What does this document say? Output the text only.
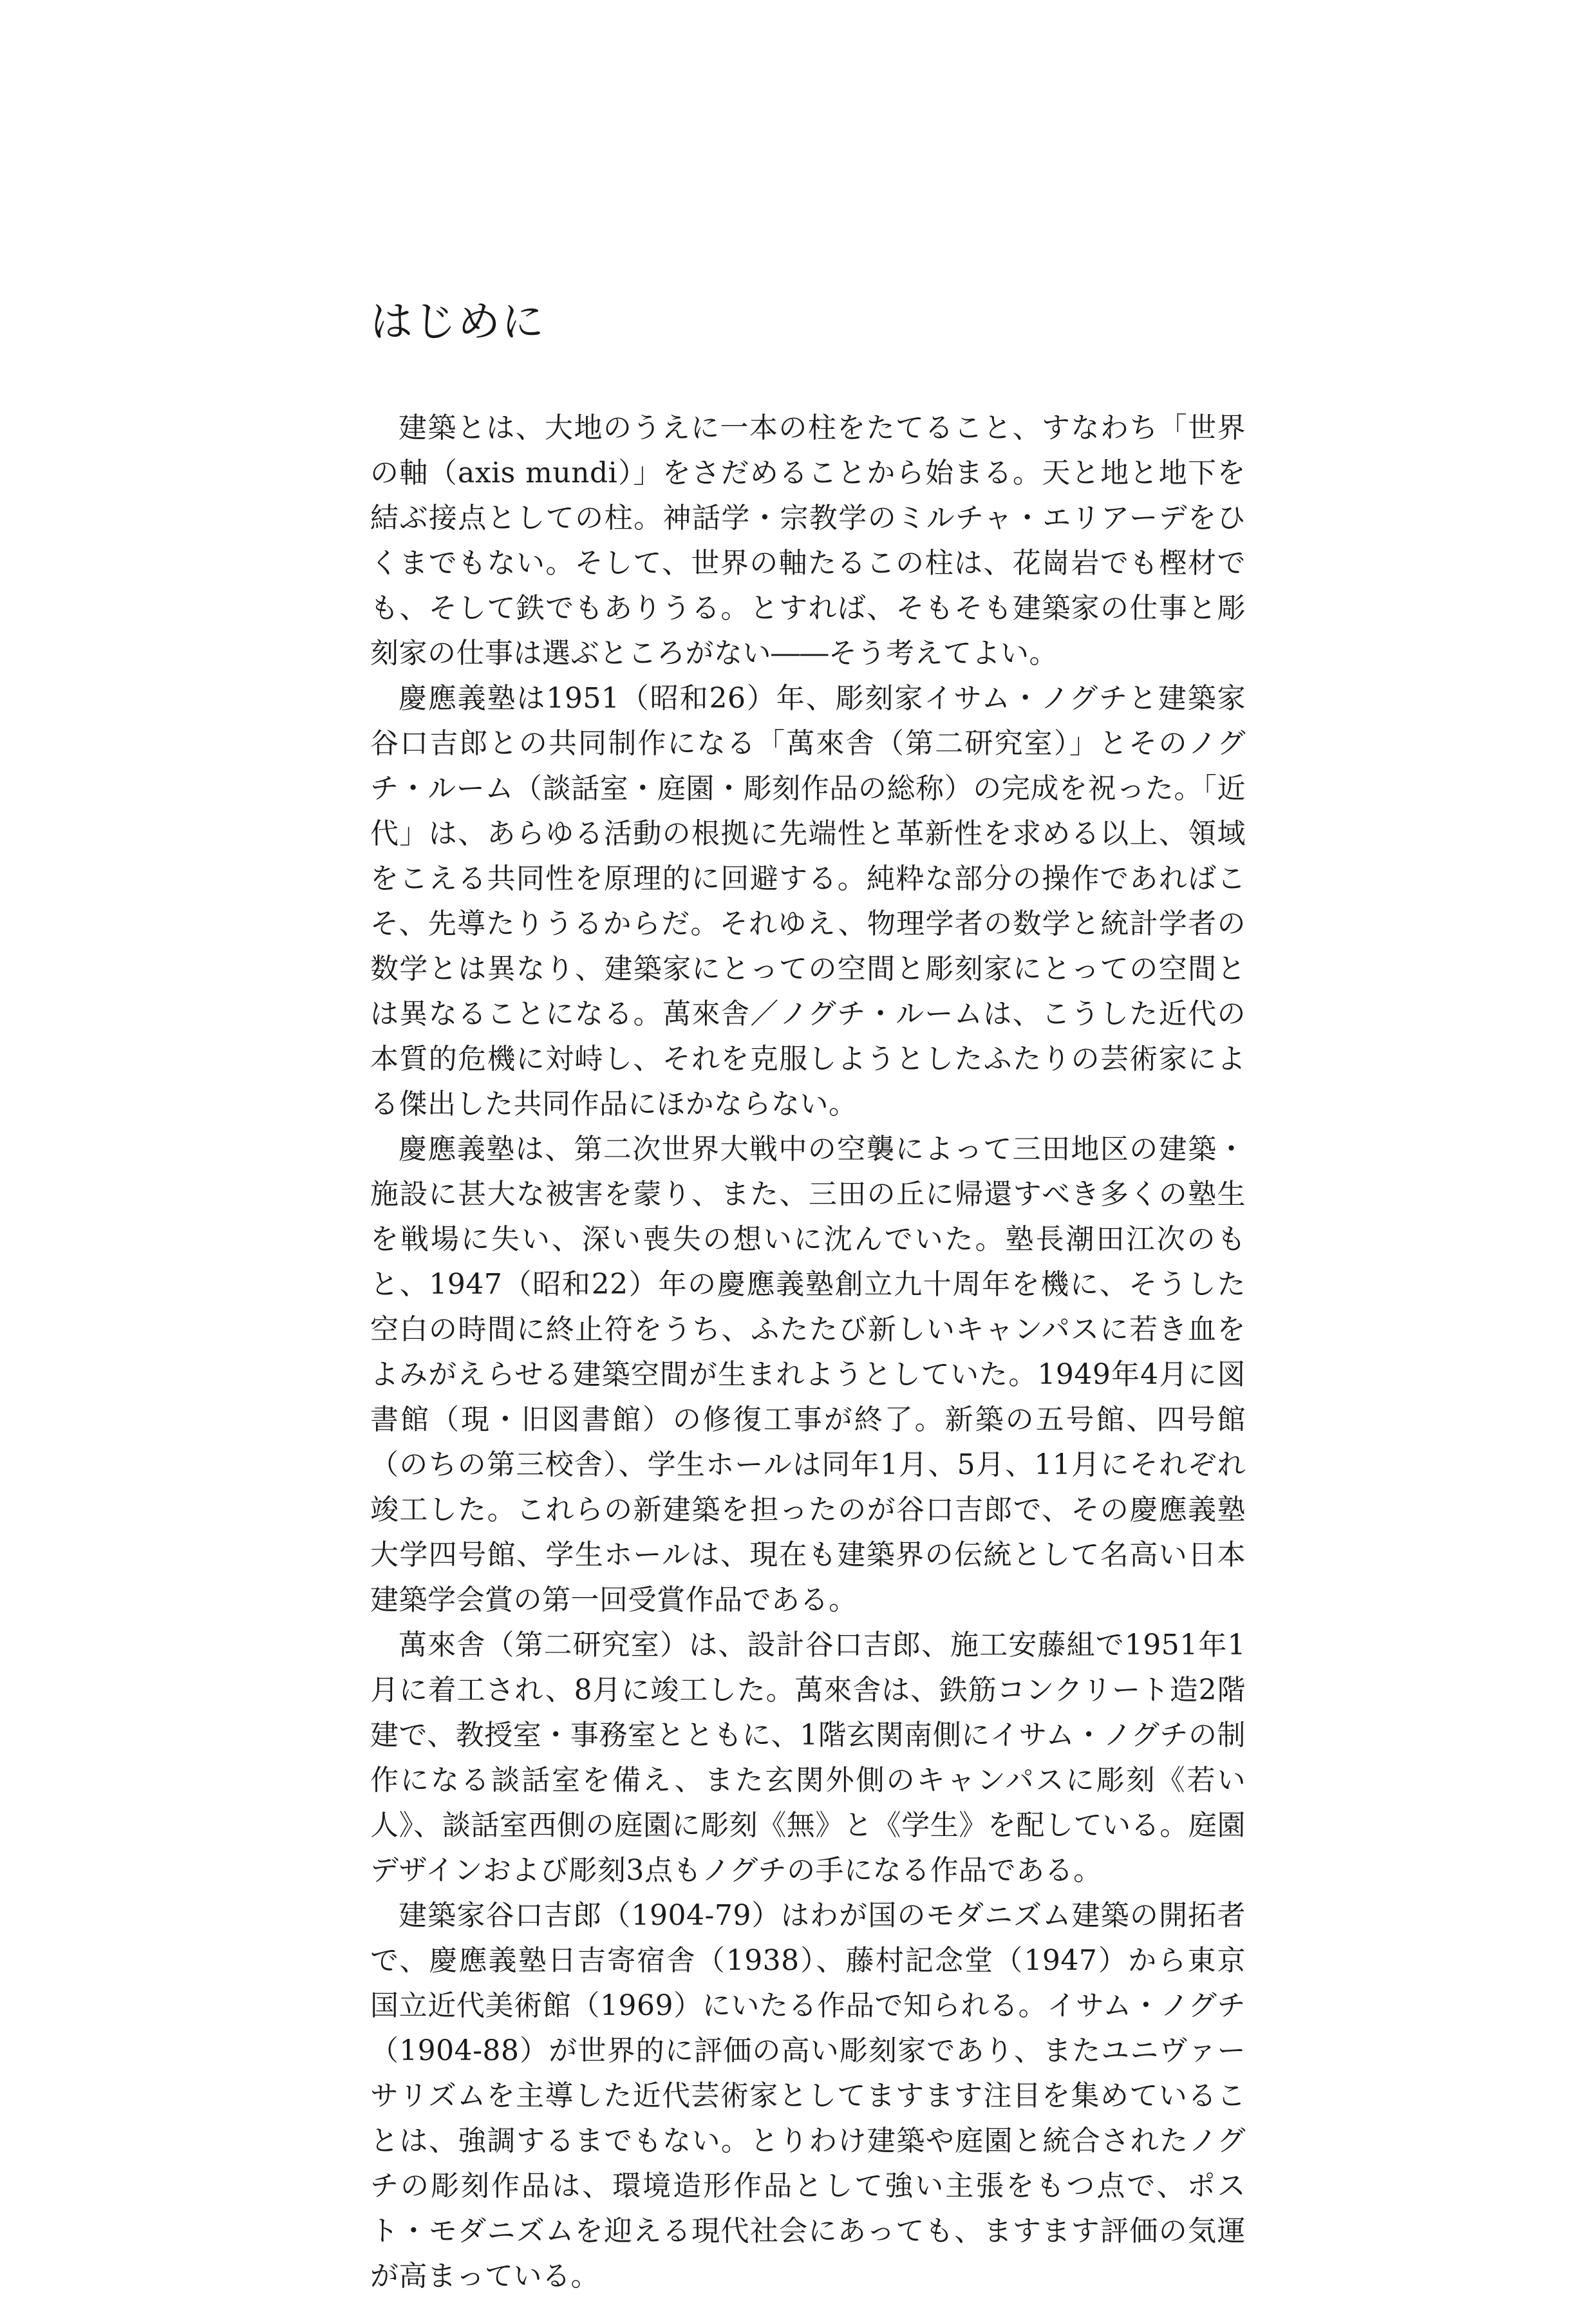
はじめに

建築とは、大地のうえに一本の柱をたてること、すなわち「世界の軸（axis mundi）」をさだめることから始まる。天と地と地下を結ぶ接点としての柱。神話学・宗教学のミルチャ・エリアーデをひくまでもない。そして、世界の軸たるこの柱は、花崗岩でも樫材でも、そして鉄でもありうる。とすれば、そもそも建築家の仕事と彫刻家の仕事は選ぶところがない――そう考えてよい。

慶應義塾は1951（昭和26）年、彫刻家イサム・ノグチと建築家谷口吉郎との共同制作になる「萬來舎（第二研究室）」とそのノグチ・ルーム（談話室・庭園・彫刻作品の総称）の完成を祝った。「近代」は、あらゆる活動の根拠に先端性と革新性を求める以上、領域をこえる共同性を原理的に回避する。純粋な部分の操作であればこそ、先導たりうるからだ。それゆえ、物理学者の数学と統計学者の数学とは異なり、建築家にとっての空間と彫刻家にとっての空間とは異なることになる。萬來舎／ノグチ・ルームは、こうした近代の本質的危機に対峙し、それを克服しようとしたふたりの芸術家による傑出した共同作品にほかならない。

慶應義塾は、第二次世界大戦中の空襲によって三田地区の建築・施設に甚大な被害を蒙り、また、三田の丘に帰還すべき多くの塾生を戦場に失い、深い喪失の想いに沈んでいた。塾長潮田江次のもと、1947（昭和22）年の慶應義塾創立九十周年を機に、そうした空白の時間に終止符をうち、ふたたび新しいキャンパスに若き血をよみがえらせる建築空間が生まれようとしていた。1949年4月に図書館（現・旧図書館）の修復工事が終了。新築の五号館、四号館（のちの第三校舎）、学生ホールは同年1月、5月、11月にそれぞれ竣工した。これらの新建築を担ったのが谷口吉郎で、その慶應義塾大学四号館、学生ホールは、現在も建築界の伝統として名高い日本建築学会賞の第一回受賞作品である。

萬來舎（第二研究室）は、設計谷口吉郎、施工安藤組で1951年1月に着工され、8月に竣工した。萬來舎は、鉄筋コンクリート造2階建で、教授室・事務室とともに、1階玄関南側にイサム・ノグチの制作になる談話室を備え、また玄関外側のキャンパスに彫刻《若い人》、談話室西側の庭園に彫刻《無》と《学生》を配している。庭園デザインおよび彫刻3点もノグチの手になる作品である。

建築家谷口吉郎（1904-79）はわが国のモダニズム建築の開拓者で、慶應義塾日吉寄宿舎（1938）、藤村記念堂（1947）から東京国立近代美術館（1969）にいたる作品で知られる。イサム・ノグチ（1904-88）が世界的に評価の高い彫刻家であり、またユニヴァーサリズムを主導した近代芸術家としてますます注目を集めていることは、強調するまでもない。とりわけ建築や庭園と統合されたノグチの彫刻作品は、環境造形作品として強い主張をもつ点で、ポスト・モダニズムを迎える現代社会にあっても、ますます評価の気運が高まっている。
